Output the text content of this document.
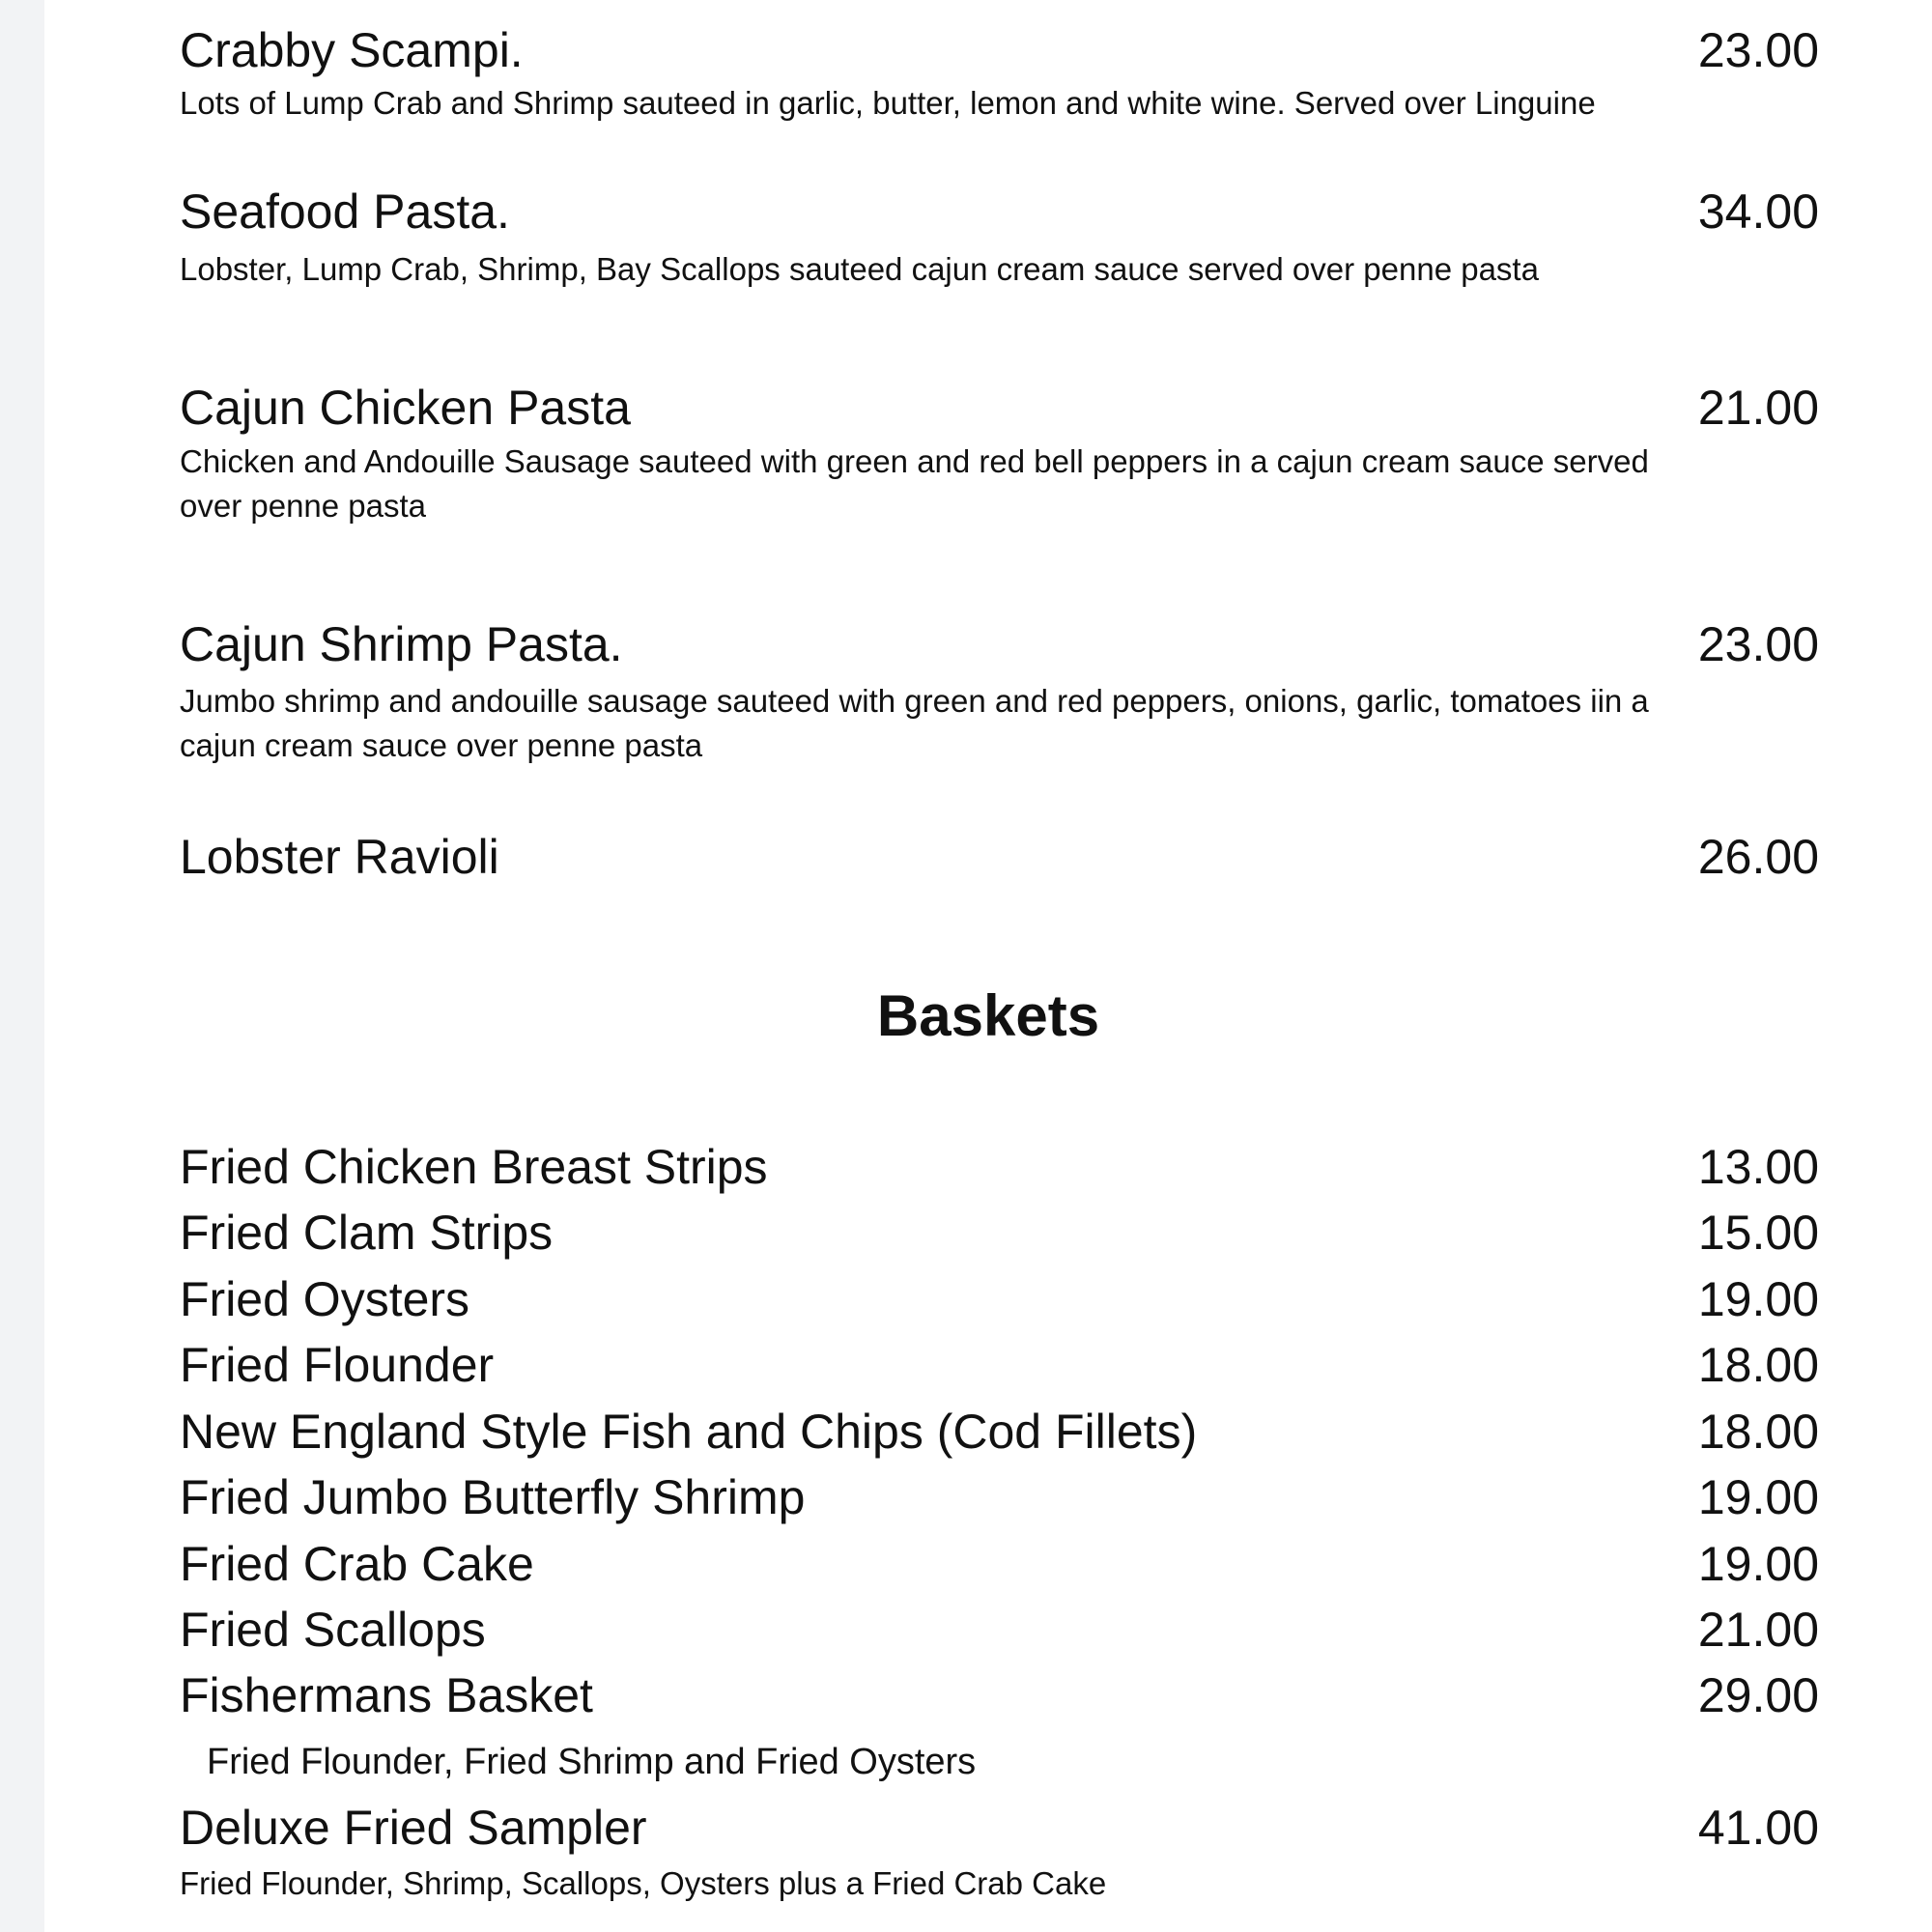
Crabby Scampi.	23.00
Lots of Lump Crab and Shrimp sauteed in garlic, butter, lemon and white wine. Served over Linguine
Seafood Pasta.	34.00
Lobster, Lump Crab, Shrimp, Bay Scallops sauteed cajun cream sauce served over penne pasta
Cajun Chicken Pasta	21.00
Chicken and Andouille Sausage sauteed with green and red bell peppers in a cajun cream sauce served over penne pasta
Cajun Shrimp Pasta.	23.00
Jumbo shrimp and andouille sausage sauteed with green and red peppers, onions, garlic, tomatoes iin a cajun cream sauce over penne pasta
Lobster Ravioli	26.00
Baskets
Fried Chicken Breast Strips	13.00
Fried Clam Strips	15.00
Fried Oysters	19.00
Fried Flounder	18.00
New England Style Fish and Chips (Cod Fillets)	18.00
Fried Jumbo Butterfly Shrimp	19.00
Fried Crab Cake	19.00
Fried Scallops	21.00
Fishermans Basket	29.00
Fried Flounder, Fried Shrimp and Fried Oysters
Deluxe Fried Sampler	41.00
Fried Flounder, Shrimp, Scallops, Oysters plus a Fried Crab Cake
